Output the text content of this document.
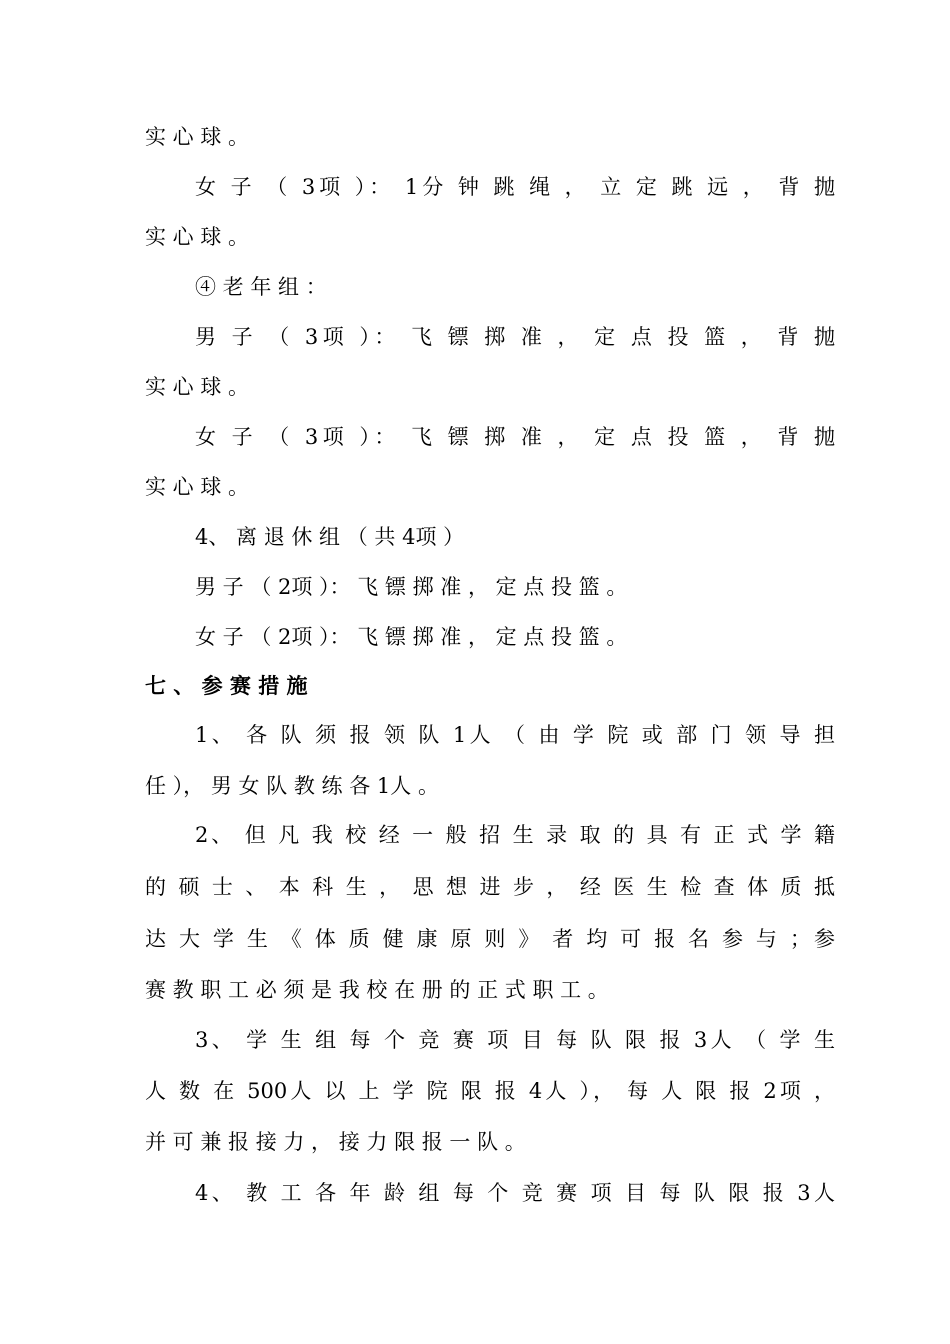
实 心 球 。
女 子 （ 3项 ）： 1分 钟 跳 绳 ， 立 定 跳 远 ， 背 抛
实 心 球 。
④ 老 年 组 ：
男 子 （ 3项 ）： 飞 镖 掷 准 ， 定 点 投 篮 ， 背 抛
实 心 球 。
女 子 （ 3项 ）： 飞 镖 掷 准 ， 定 点 投 篮 ， 背 抛
实 心 球 。
4、 离 退 休 组 （ 共 4项 ）
男 子 （ 2项 ）： 飞 镖 掷 准 ， 定 点 投 篮 。
女 子 （ 2项 ）： 飞 镖 掷 准 ， 定 点 投 篮 。
七 、 参 赛 措 施
1、 各 队 须 报 领 队 1人 （ 由 学 院 或 部 门 领 导 担
任 ）， 男 女 队 教 练 各 1人 。
2、 但 凡 我 校 经 一 般 招 生 录 取 的 具 有 正 式 学 籍
的 硕 士 、 本 科 生 ， 思 想 进 步 ， 经 医 生 检 查 体 质 抵
达 大 学 生 《 体 质 健 康 原 则 》 者 均 可 报 名 参 与 ；参
赛 教 职 工 必 须 是 我 校 在 册 的 正 式 职 工 。
3、 学 生 组 每 个 竞 赛 项 目 每 队 限 报 3人 （ 学 生
人 数 在 500人 以 上 学 院 限 报 4人 ）， 每 人 限 报 2项 ，
并 可 兼 报 接 力 ， 接 力 限 报 一 队 。
4、 教 工 各 年 龄 组 每 个 竞 赛 项 目 每 队 限 报 3人
